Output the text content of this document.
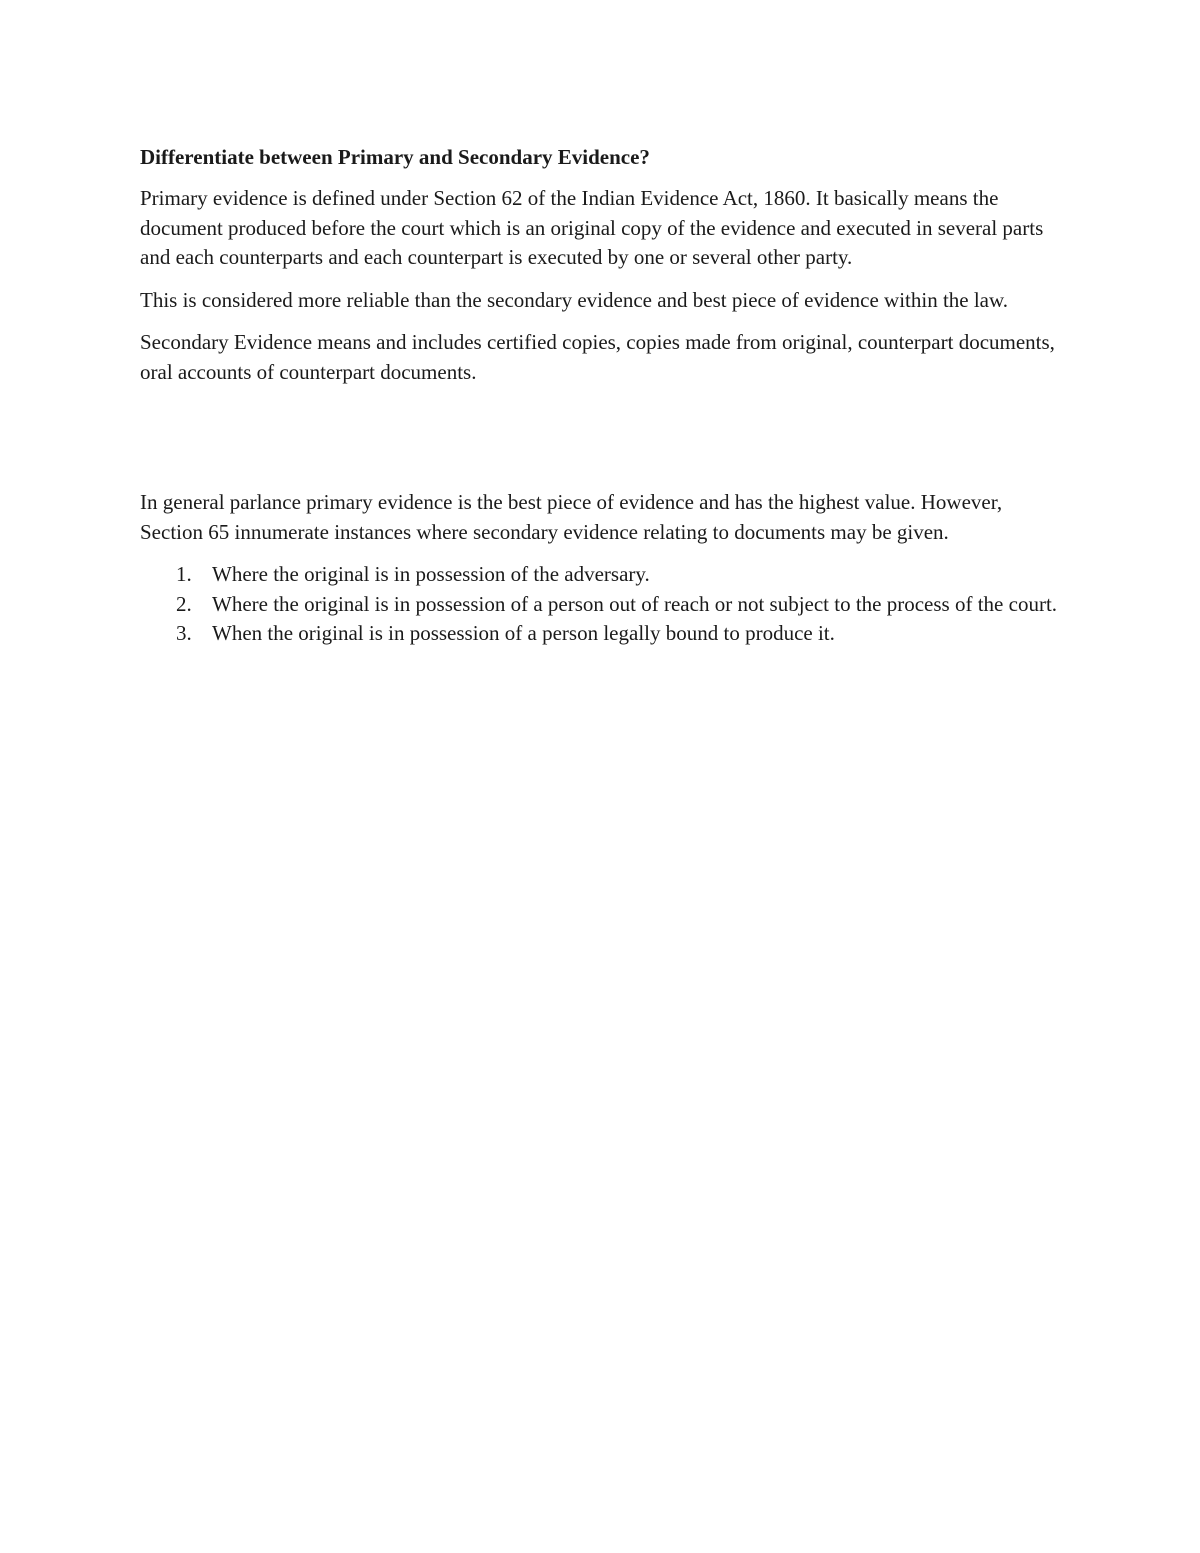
Differentiate between Primary and Secondary Evidence?

Primary evidence is defined under Section 62 of the Indian Evidence Act, 1860. It basically means the document produced before the court which is an original copy of the evidence and executed in several parts and each counterparts and each counterpart is executed by one or several other party.

This is considered more reliable than the secondary evidence and best piece of evidence within the law.

Secondary Evidence means and includes certified copies, copies made from original, counterpart documents, oral accounts of counterpart documents.

In general parlance primary evidence is the best piece of evidence and has the highest value. However, Section 65 innumerate instances where secondary evidence relating to documents may be given.

1. Where the original is in possession of the adversary.
2. Where the original is in possession of a person out of reach or not subject to the process of the court.
3. When the original is in possession of a person legally bound to produce it.
